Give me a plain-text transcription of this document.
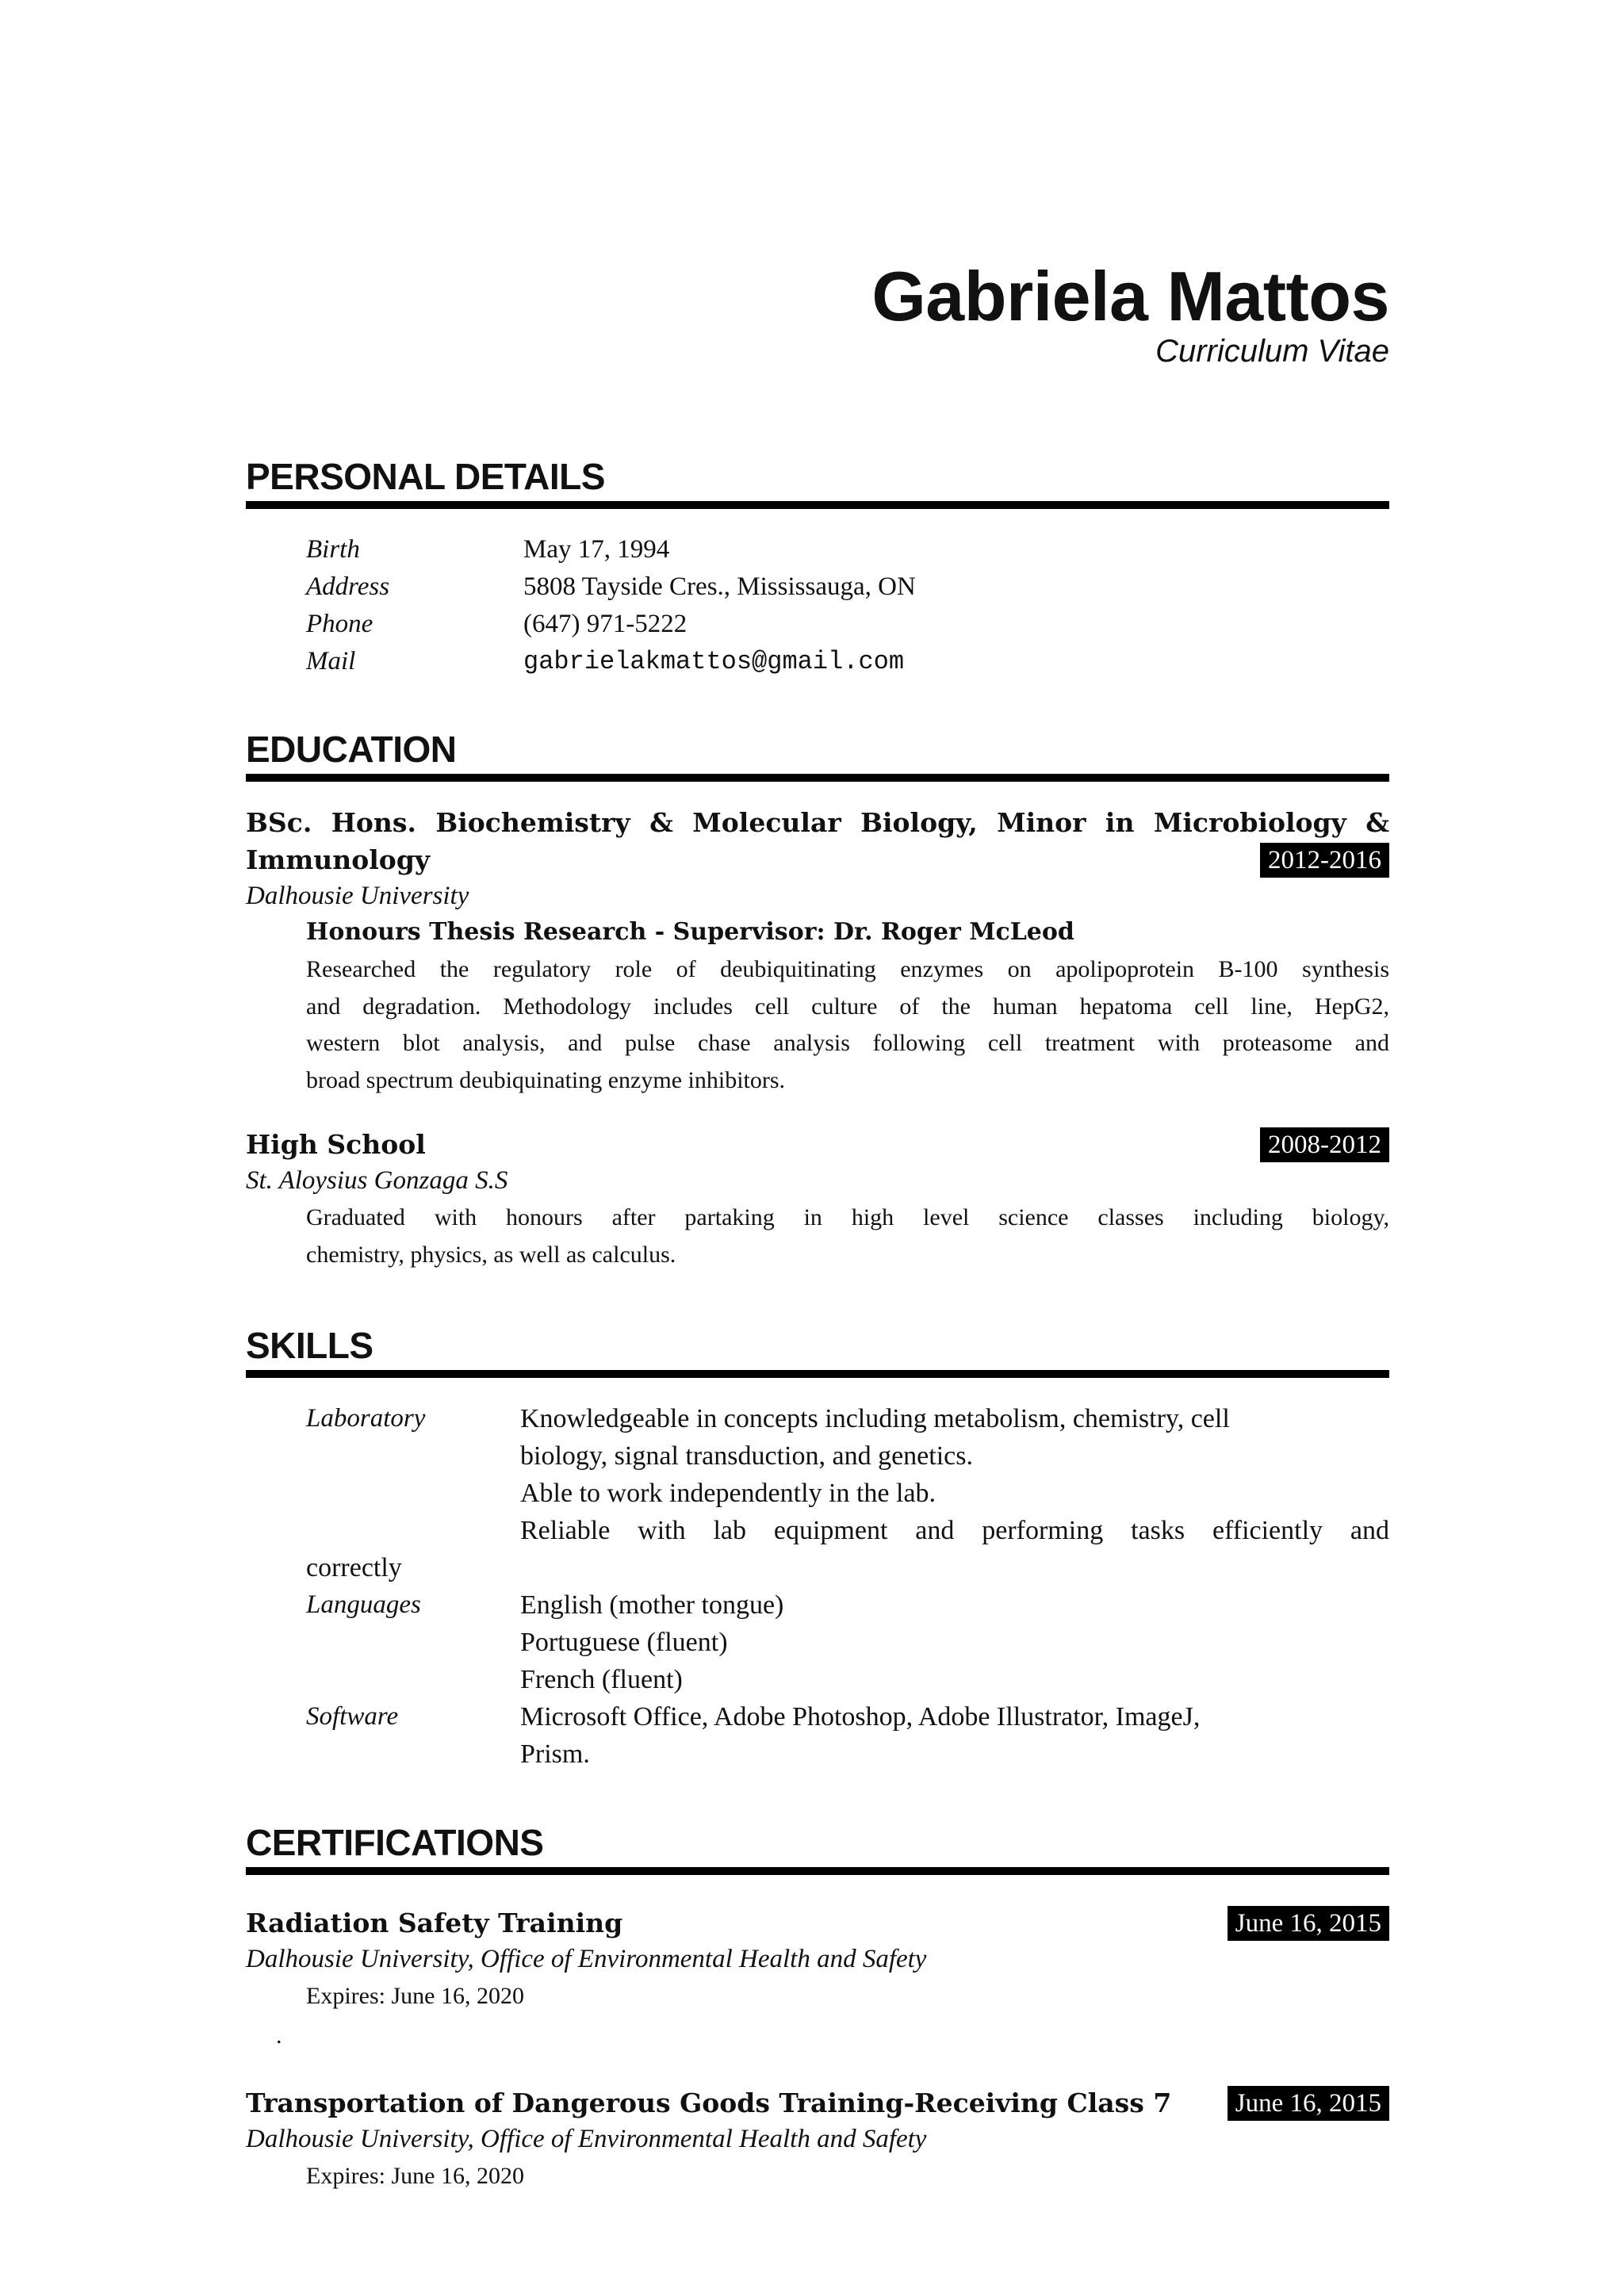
Gabriela Mattos
Curriculum Vitae
PERSONAL DETAILS
Birth	May 17, 1994
Address	5808 Tayside Cres., Mississauga, ON
Phone	(647) 971-5222
Mail	gabrielakmattos@gmail.com
EDUCATION
BSc. Hons. Biochemistry & Molecular Biology, Minor in Microbiology &
Immunology	2012-2016
Dalhousie University
Honours Thesis Research - Supervisor: Dr. Roger McLeod
Researched the regulatory role of deubiquitinating enzymes on apolipoprotein B-100 synthesis
and degradation. Methodology includes cell culture of the human hepatoma cell line, HepG2,
western blot analysis, and pulse chase analysis following cell treatment with proteasome and
broad spectrum deubiquinating enzyme inhibitors.
High School	2008-2012
St. Aloysius Gonzaga S.S
Graduated with honours after partaking in high level science classes including biology,
chemistry, physics, as well as calculus.
SKILLS
Laboratory	Knowledgeable in concepts including metabolism, chemistry, cell
biology, signal transduction, and genetics.
Able to work independently in the lab.
Reliable with lab equipment and performing tasks efficiently and
correctly
Languages	English (mother tongue)
Portuguese (fluent)
French (fluent)
Software	Microsoft Office, Adobe Photoshop, Adobe Illustrator, ImageJ,
Prism.
CERTIFICATIONS
Radiation Safety Training	June 16, 2015
Dalhousie University, Office of Environmental Health and Safety
Expires: June 16, 2020
.
Transportation of Dangerous Goods Training-Receiving Class 7	June 16, 2015
Dalhousie University, Office of Environmental Health and Safety
Expires: June 16, 2020
